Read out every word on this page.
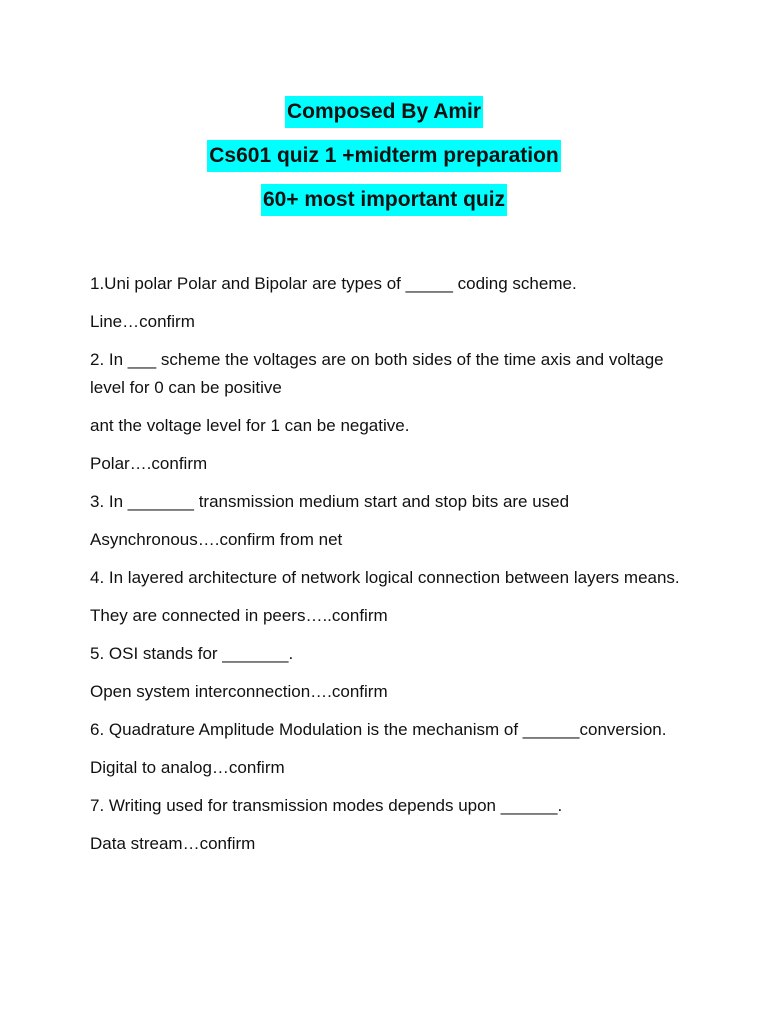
Composed By Amir
Cs601 quiz 1 +midterm preparation
60+ most important quiz

1.Uni polar Polar and Bipolar are types of _____ coding scheme.

Line…confirm

2. In ___ scheme the voltages are on both sides of the time axis and voltage level for 0 can be positive

ant the voltage level for 1 can be negative.

Polar….confirm

3. In _______ transmission medium start and stop bits are used

Asynchronous….confirm from net

4. In layered architecture of network logical connection between layers means.

They are connected in peers…..confirm

5. OSI stands for _______.

Open system interconnection….confirm

6. Quadrature Amplitude Modulation is the mechanism of ______conversion.

Digital to analog…confirm

7. Writing used for transmission modes depends upon ______.

Data stream…confirm
